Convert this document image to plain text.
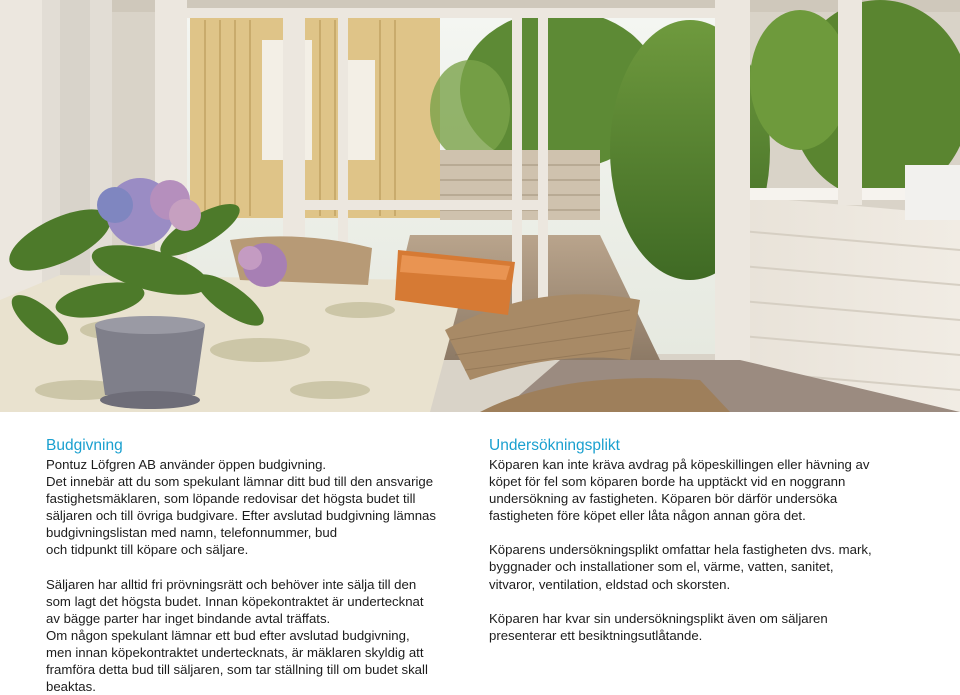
Budgivning

Pontuz Löfgren AB använder öppen budgivning.
Det innebär att du som spekulant lämnar ditt bud till den ansvarige
fastighetsmäklaren, som löpande redovisar det högsta budet till
säljaren och till övriga budgivare. Efter avslutad budgivning lämnas
budgivningslistan med namn, telefonnummer, bud
och tidpunkt till köpare och säljare.

Säljaren har alltid fri prövningsrätt och behöver inte sälja till den
som lagt det högsta budet. Innan köpekontraktet är undertecknat
av bägge parter har inget bindande avtal träffats.
Om någon spekulant lämnar ett bud efter avslutad budgivning,
men innan köpekontraktet undertecknats, är mäklaren skyldig att
framföra detta bud till säljaren, som tar ställning till om budet skall
beaktas.

Undersökningsplikt

Köparen kan inte kräva avdrag på köpeskillingen eller hävning av
köpet för fel som köparen borde ha upptäckt vid en noggrann
undersökning av fastigheten. Köparen bör därför undersöka
fastigheten före köpet eller låta någon annan göra det.

Köparens undersökningsplikt omfattar hela fastigheten dvs. mark,
byggnader och installationer som el, värme, vatten, sanitet,
vitvaror, ventilation, eldstad och skorsten.

Köparen har kvar sin undersökningsplikt även om säljaren
presenterar ett besiktningsutlåtande.
